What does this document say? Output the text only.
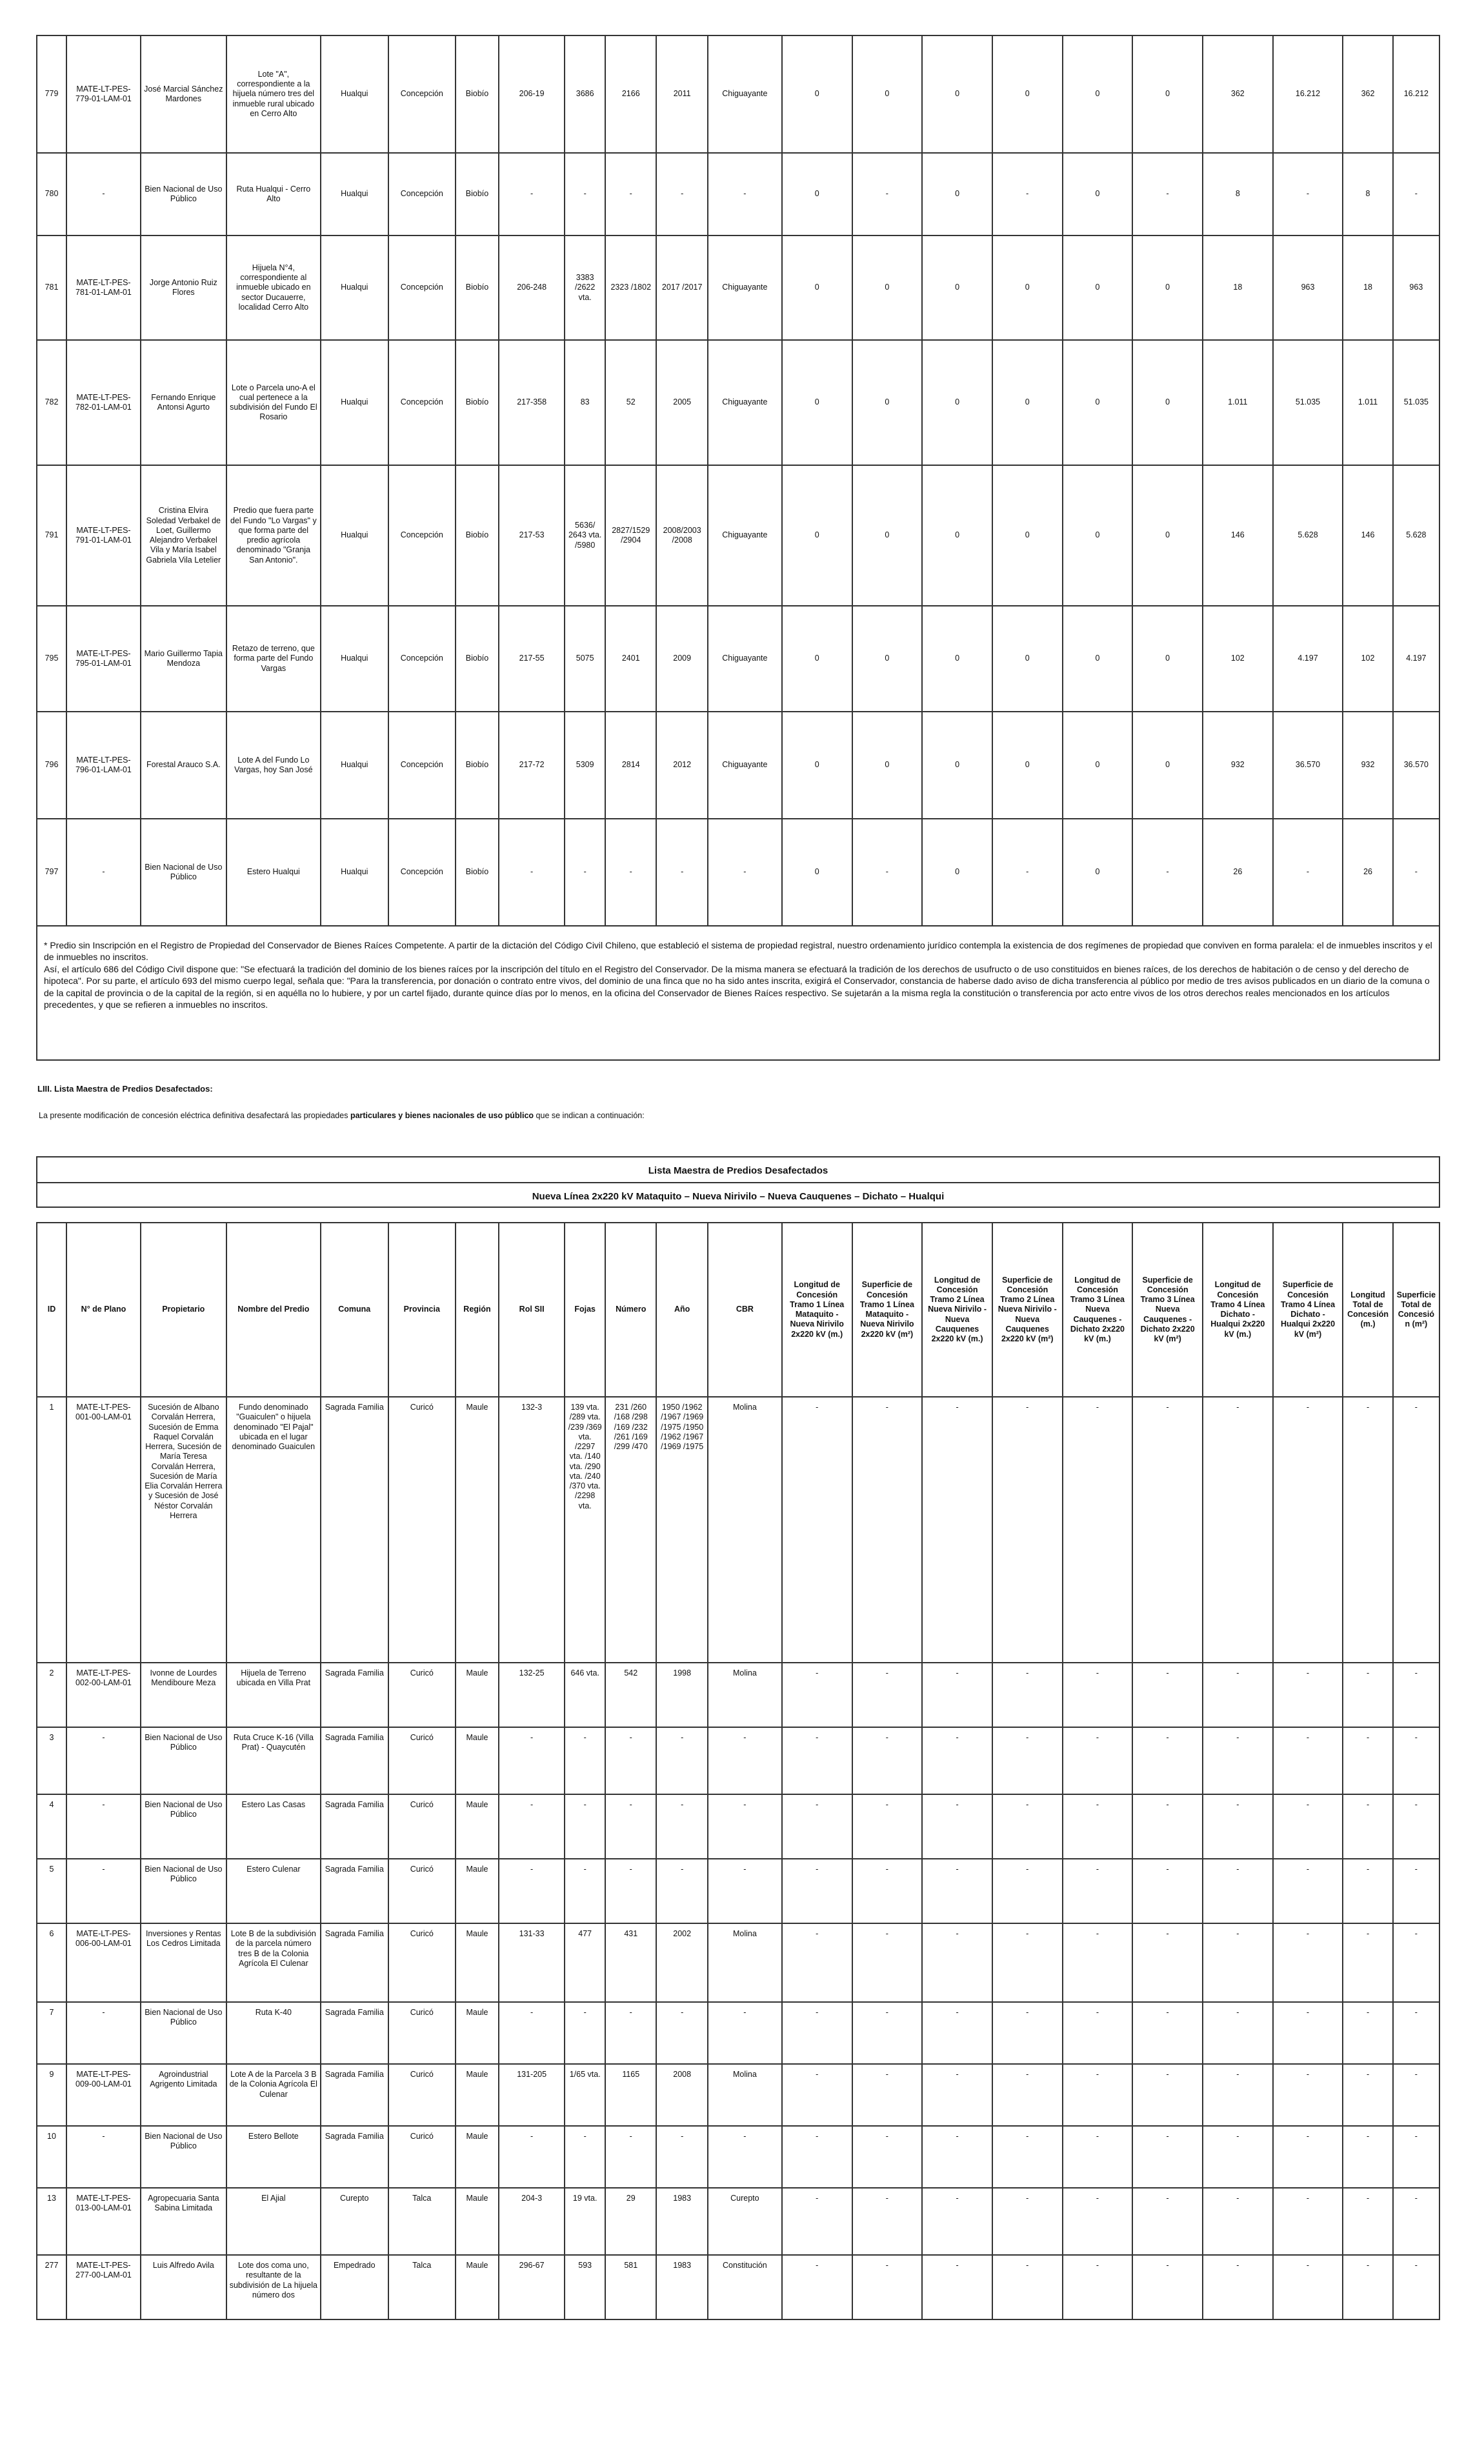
779	MATE-LT-PES-779-01-LAM-01	José Marcial Sánchez Mardones	Lote "A", correspondiente a la hijuela número tres del inmueble rural ubicado en Cerro Alto	Hualqui	Concepción	Biobío	206-19	3686	2166	2011	Chiguayante	0	0	0	0	0	0	362	16.212	362	16.212
780	-	Bien Nacional de Uso Público	Ruta Hualqui - Cerro Alto	Hualqui	Concepción	Biobío	-	-	-	-	-	0	-	0	-	0	-	8	-	8	-
781	MATE-LT-PES-781-01-LAM-01	Jorge Antonio Ruiz Flores	Hijuela N°4, correspondiente al inmueble ubicado en sector Ducauerre, localidad Cerro Alto	Hualqui	Concepción	Biobío	206-248	3383 /2622 vta.	2323 /1802	2017 /2017	Chiguayante	0	0	0	0	0	0	18	963	18	963
782	MATE-LT-PES-782-01-LAM-01	Fernando Enrique Antonsi Agurto	Lote o Parcela uno-A el cual pertenece a la subdivisión del Fundo El Rosario	Hualqui	Concepción	Biobío	217-358	83	52	2005	Chiguayante	0	0	0	0	0	0	1.011	51.035	1.011	51.035
791	MATE-LT-PES-791-01-LAM-01	Cristina Elvira Soledad Verbakel de Loet, Guillermo Alejandro Verbakel Vila y María Isabel Gabriela Vila Letelier	Predio que fuera parte del Fundo "Lo Vargas" y que forma parte del predio agrícola denominado "Granja San Antonio".	Hualqui	Concepción	Biobío	217-53	5636/ 2643 vta. /5980	2827/1529 /2904	2008/2003 /2008	Chiguayante	0	0	0	0	0	0	146	5.628	146	5.628
795	MATE-LT-PES-795-01-LAM-01	Mario Guillermo Tapia Mendoza	Retazo de terreno, que forma parte del Fundo Vargas	Hualqui	Concepción	Biobío	217-55	5075	2401	2009	Chiguayante	0	0	0	0	0	0	102	4.197	102	4.197
796	MATE-LT-PES-796-01-LAM-01	Forestal Arauco S.A.	Lote A del Fundo Lo Vargas, hoy San José	Hualqui	Concepción	Biobío	217-72	5309	2814	2012	Chiguayante	0	0	0	0	0	0	932	36.570	932	36.570
797	-	Bien Nacional de Uso Público	Estero Hualqui	Hualqui	Concepción	Biobío	-	-	-	-	-	0	-	0	-	0	-	26	-	26	-

* Predio sin Inscripción en el Registro de Propiedad del Conservador de Bienes Raíces Competente. A partir de la dictación del Código Civil Chileno, que estableció el sistema de propiedad registral, nuestro ordenamiento jurídico contempla la existencia de dos regímenes de propiedad que conviven en forma paralela: el de inmuebles inscritos y el de inmuebles no inscritos.

Así, el artículo 686 del Código Civil dispone que: "Se efectuará la tradición del dominio de los bienes raíces por la inscripción del título en el Registro del Conservador. De la misma manera se efectuará la tradición de los derechos de usufructo o de uso constituidos en bienes raíces, de los derechos de habitación o de censo y del derecho de hipoteca". Por su parte, el artículo 693 del mismo cuerpo legal, señala que: "Para la transferencia, por donación o contrato entre vivos, del dominio de una finca que no ha sido antes inscrita, exigirá el Conservador, constancia de haberse dado aviso de dicha transferencia al público por medio de tres avisos publicados en un diario de la comuna o de la capital de provincia o de la capital de la región, si en aquélla no lo hubiere, y por un cartel fijado, durante quince días por lo menos, en la oficina del Conservador de Bienes Raíces respectivo. Se sujetarán a la misma regla la constitución o transferencia por acto entre vivos de los otros derechos reales mencionados en los artículos precedentes, y que se refieren a inmuebles no inscritos.

LIII. Lista Maestra de Predios Desafectados:
La presente modificación de concesión eléctrica definitiva desafectará las propiedades particulares y bienes nacionales de uso público que se indican a continuación:
Lista Maestra de Predios Desafectados
Nueva Línea 2x220 kV Mataquito – Nueva Nirivilo – Nueva Cauquenes – Dichato – Hualqui
ID	N° de Plano	Propietario	Nombre del Predio	Comuna	Provincia	Región	Rol SII	Fojas	Número	Año	CBR	Longitud de Concesión Tramo 1 Línea Mataquito - Nueva Nirivilo 2x220 kV (m.)	Superficie de Concesión Tramo 1 Línea Mataquito - Nueva Nirivilo 2x220 kV (m²)	Longitud de Concesión Tramo 2 Línea Nueva Nirivilo - Nueva Cauquenes 2x220 kV (m.)	Superficie de Concesión Tramo 2 Línea Nueva Nirivilo - Nueva Cauquenes 2x220 kV (m²)	Longitud de Concesión Tramo 3 Línea Nueva Cauquenes - Dichato 2x220 kV (m.)	Superficie de Concesión Tramo 3 Línea Nueva Cauquenes - Dichato 2x220 kV (m²)	Longitud de Concesión Tramo 4 Línea Dichato - Hualqui 2x220 kV (m.)	Superficie de Concesión Tramo 4 Línea Dichato - Hualqui 2x220 kV (m²)	Longitud Total de Concesión (m.)	Superficie Total de Concesión (m²)
1	MATE-LT-PES-001-00-LAM-01	Sucesión de Albano Corvalán Herrera, Sucesión de Emma Raquel Corvalán Herrera, Sucesión de María Teresa Corvalán Herrera, Sucesión de María Elia Corvalán Herrera y Sucesión de José Néstor Corvalán Herrera	Fundo denominado "Guaiculen" o hijuela denominado "El Pajal" ubicada en el lugar denominado Guaiculen	Sagrada Familia	Curicó	Maule	132-3	139 vta. /289 vta. /239 /369 vta. /2297 vta. /140 vta. /290 vta. /240 /370 vta. /2298 vta.	231 /260 /168 /298 /169 /232 /261 /169 /299 /470	1950 /1962 /1967 /1969 /1975 /1950 /1962 /1967 /1969 /1975	Molina	-	-	-	-	-	-	-	-	-	-
2	MATE-LT-PES-002-00-LAM-01	Ivonne de Lourdes Mendiboure Meza	Hijuela de Terreno ubicada en Villa Prat	Sagrada Familia	Curicó	Maule	132-25	646 vta.	542	1998	Molina	-	-	-	-	-	-	-	-	-	-
3	-	Bien Nacional de Uso Público	Ruta Cruce K-16 (Villa Prat) - Quaycutén	Sagrada Familia	Curicó	Maule	-	-	-	-	-	-	-	-	-	-	-	-	-	-	-
4	-	Bien Nacional de Uso Público	Estero Las Casas	Sagrada Familia	Curicó	Maule	-	-	-	-	-	-	-	-	-	-	-	-	-	-	-
5	-	Bien Nacional de Uso Público	Estero Culenar	Sagrada Familia	Curicó	Maule	-	-	-	-	-	-	-	-	-	-	-	-	-	-	-
6	MATE-LT-PES-006-00-LAM-01	Inversiones y Rentas Los Cedros Limitada	Lote B de la subdivisión de la parcela número tres B de la Colonia Agrícola El Culenar	Sagrada Familia	Curicó	Maule	131-33	477	431	2002	Molina	-	-	-	-	-	-	-	-	-	-
7	-	Bien Nacional de Uso Público	Ruta K-40	Sagrada Familia	Curicó	Maule	-	-	-	-	-	-	-	-	-	-	-	-	-	-	-
9	MATE-LT-PES-009-00-LAM-01	Agroindustrial Agrigento Limitada	Lote A de la Parcela 3 B de la Colonia Agrícola El Culenar	Sagrada Familia	Curicó	Maule	131-205	1/65 vta.	1165	2008	Molina	-	-	-	-	-	-	-	-	-	-
10	-	Bien Nacional de Uso Público	Estero Bellote	Sagrada Familia	Curicó	Maule	-	-	-	-	-	-	-	-	-	-	-	-	-	-	-
13	MATE-LT-PES-013-00-LAM-01	Agropecuaria Santa Sabina Limitada	El Ajial	Curepto	Talca	Maule	204-3	19 vta.	29	1983	Curepto	-	-	-	-	-	-	-	-	-	-
277	MATE-LT-PES-277-00-LAM-01	Luis Alfredo Avila	Lote dos coma uno, resultante de la subdivisión de La hijuela número dos	Empedrado	Talca	Maule	296-67	593	581	1983	Constitución	-	-	-	-	-	-	-	-	-	-
